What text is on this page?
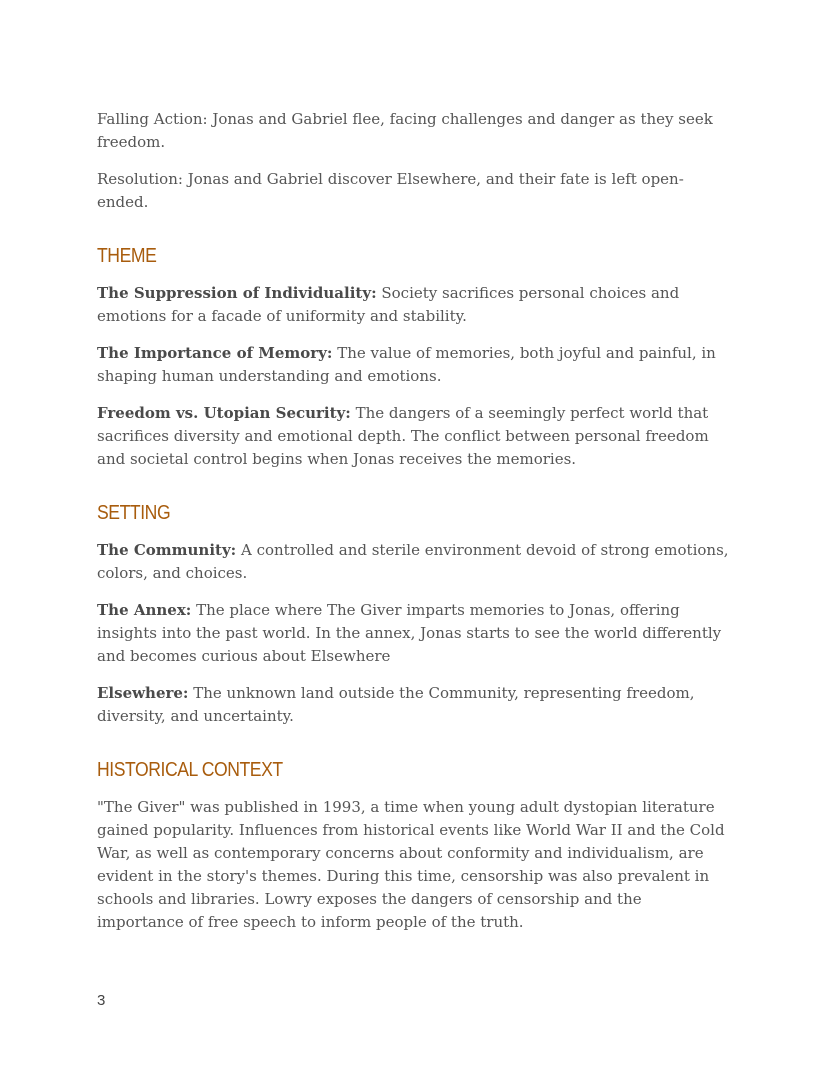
Falling Action: Jonas and Gabriel flee, facing challenges and danger as they seek freedom.

Resolution: Jonas and Gabriel discover Elsewhere, and their fate is left open-ended.

THEME

The Suppression of Individuality: Society sacrifices personal choices and emotions for a facade of uniformity and stability.

The Importance of Memory: The value of memories, both joyful and painful, in shaping human understanding and emotions.

Freedom vs. Utopian Security: The dangers of a seemingly perfect world that sacrifices diversity and emotional depth. The conflict between personal freedom and societal control begins when Jonas receives the memories.

SETTING

The Community: A controlled and sterile environment devoid of strong emotions, colors, and choices.

The Annex: The place where The Giver imparts memories to Jonas, offering insights into the past world. In the annex, Jonas starts to see the world differently and becomes curious about Elsewhere

Elsewhere: The unknown land outside the Community, representing freedom, diversity, and uncertainty.

HISTORICAL CONTEXT

"The Giver" was published in 1993, a time when young adult dystopian literature gained popularity. Influences from historical events like World War II and the Cold War, as well as contemporary concerns about conformity and individualism, are evident in the story's themes. During this time, censorship was also prevalent in schools and libraries. Lowry exposes the dangers of censorship and the importance of free speech to inform people of the truth.

3
